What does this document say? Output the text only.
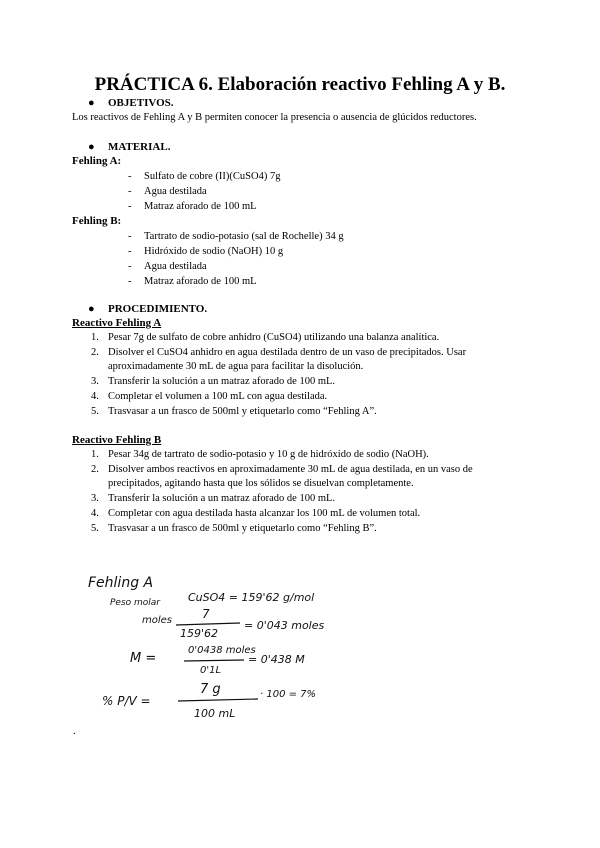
PRÁCTICA 6. Elaboración reactivo Fehling A y B.
● OBJETIVOS.
Los reactivos de Fehling A y B permiten conocer la presencia o ausencia de glúcidos reductores.
● MATERIAL.
Fehling A:
- Sulfato de cobre (II)(CuSO4) 7g
- Agua destilada
- Matraz aforado de 100 mL
Fehling B:
- Tartrato de sodio-potasio (sal de Rochelle) 34 g
- Hidróxido de sodio (NaOH) 10 g
- Agua destilada
- Matraz aforado de 100 mL
● PROCEDIMIENTO.
Reactivo Fehling A
1. Pesar 7g de sulfato de cobre anhidro (CuSO4) utilizando una balanza analítica.
2. Disolver el CuSO4 anhidro en agua destilada dentro de un vaso de precipitados. Usar
aproximadamente 30 mL de agua para facilitar la disolución.
3. Transferir la solución a un matraz aforado de 100 mL.
4. Completar el volumen a 100 mL con agua destilada.
5. Trasvasar a un frasco de 500ml y etiquetarlo como “Fehling A”.
Reactivo Fehling B
1. Pesar 34g de tartrato de sodio-potasio y 10 g de hidróxido de sodio (NaOH).
2. Disolver ambos reactivos en aproximadamente 30 mL de agua destilada, en un vaso de
precipitados, agitando hasta que los sólidos se disuelvan completamente.
3. Transferir la solución a un matraz aforado de 100 mL.
4. Completar con agua destilada hasta alcanzar los 100 mL de volumen total.
5. Trasvasar a un frasco de 500ml y etiquetarlo como “Fehling B”.
Fehling A
Peso molar	CuSO4 = 159'62 g/mol
moles	7
159'62
= 0'043 moles
M =
0'0438 moles
0'1L
= 0'438 M
% P/V =
7 g
100 mL
· 100 = 7%
.
